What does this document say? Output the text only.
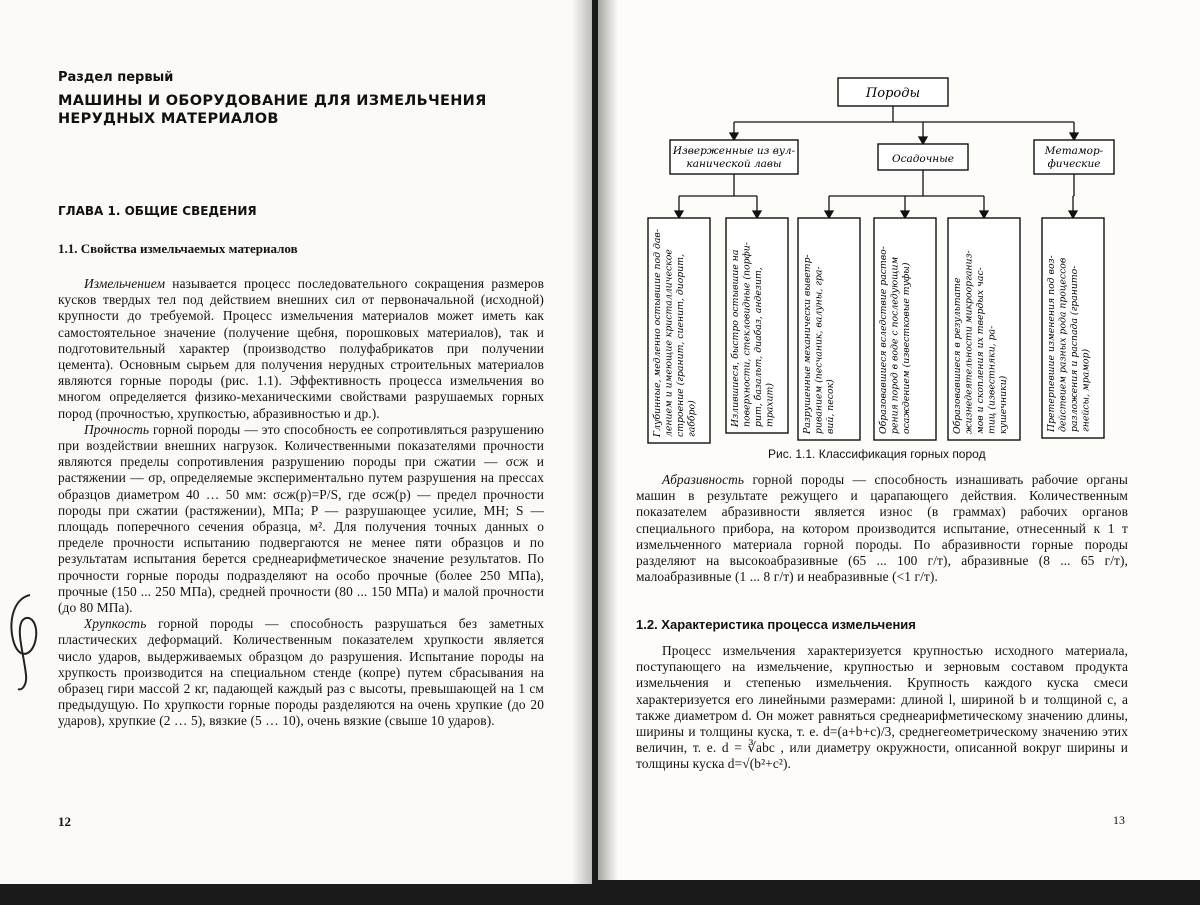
Раздел первый
МАШИНЫ И ОБОРУДОВАНИЕ ДЛЯ ИЗМЕЛЬЧЕНИЯ
НЕРУДНЫХ МАТЕРИАЛОВ
ГЛАВА 1. ОБЩИЕ СВЕДЕНИЯ
1.1. Свойства измельчаемых материалов

Измельчением называется процесс последовательного сокращения размеров кусков твердых тел под действием внешних сил от первоначальной (исходной) крупности до требуемой. Процесс измельчения материалов может иметь как самостоятельное значение (получение щебня, порошковых материалов), так и подготовительный характер (производство полуфабрикатов при получении цемента). Основным сырьем для получения нерудных строительных материалов являются горные породы (рис. 1.1). Эффективность процесса измельчения во многом определяется физико-механическими свойствами разрушаемых горных пород (прочностью, хрупкостью, абразивностью и др.).

Прочность горной породы — это способность ее сопротивляться разрушению при воздействии внешних нагрузок. Количественными показателями прочности являются пределы сопротивления разрушению породы при сжатии — σсж и растяжении — σр, определяемые экспериментально путем разрушения на прессах образцов диаметром 40 … 50 мм: σсж(р)=P/S, где σсж(р) — предел прочности породы при сжатии (растяжении), МПа; P — разрушающее усилие, МН; S — площадь поперечного сечения образца, м². Для получения точных данных о пределе прочности испытанию подвергаются не менее пяти образцов и по результатам испытания берется среднеарифметическое значение результатов. По прочности горные породы подразделяют на особо прочные (более 250 МПа), прочные (150 ... 250 МПа), средней прочности (80 ... 150 МПа) и малой прочности (до 80 МПа).

Хрупкость горной породы — способность разрушаться без заметных пластических деформаций. Количественным показателем хрупкости является число ударов, выдерживаемых образцом до разрушения. Испытание породы на хрупкость производится на специальном стенде (копре) путем сбрасывания на образец гири массой 2 кг, падающей каждый раз с высоты, превышающей на 1 см предыдущую. По хрупкости горные породы разделяются на очень хрупкие (до 20 ударов), хрупкие (2 … 5), вязкие (5 … 10), очень вязкие (свыше 10 ударов).

12
Породы
Изверженные из вул-
канической лавы	Осадочные
Метамор-
фические
Глубинные, медленно остывшие под дав- лением и имеющие кристаллическое строение (гранит, сиенит, диорит, габбро)	Излившиеся, быстро остывшие на поверхности, стекловидные (порфи- рит, базальт, диабаз, андезит, трахит)	Разрушенные механически выветр- риванием (песчаник, валуны, гра- вий, песок)	Образовавшиеся вследствие раство- рения пород в воде с последующим осаждением (известковые туфы)	Образовавшиеся в результате жизнедеятельности микроорганиз- мов и скопления их твердых час- тиц (известняки, ра- кушечники)	Претерпевшие изменения под воз- действием разных рода процессов разложения и распада (гранито- гнейсы, мрамор)
Рис. 1.1. Классификация горных пород

Абразивность горной породы — способность изнашивать рабочие органы машин в результате режущего и царапающего действия. Количественным показателем абразивности является износ (в граммах) рабочих органов специального прибора, на котором производится испытание, отнесенный к 1 т измельченного материала горной породы. По абразивности горные породы разделяют на высокоабразивные (65 ... 100 г/т), абразивные (8 ... 65 г/т), малоабразивные (1 ... 8 г/т) и неабразивные (<1 г/т).

1.2. Характеристика процесса измельчения

Процесс измельчения характеризуется крупностью исходного материала, поступающего на измельчение, крупностью и зерновым составом продукта измельчения и степенью измельчения. Крупность каждого куска смеси характеризуется его линейными размерами: длиной l, шириной b и толщиной c, а также диаметром d. Он может равняться среднеарифметическому значению длины, ширины и толщины куска, т. е. d=(a+b+c)/3, среднегеометрическому значению этих величин, т. е. d = ∛abc , или диаметру окружности, описанной вокруг ширины и толщины куска d=√(b²+c²).

13
